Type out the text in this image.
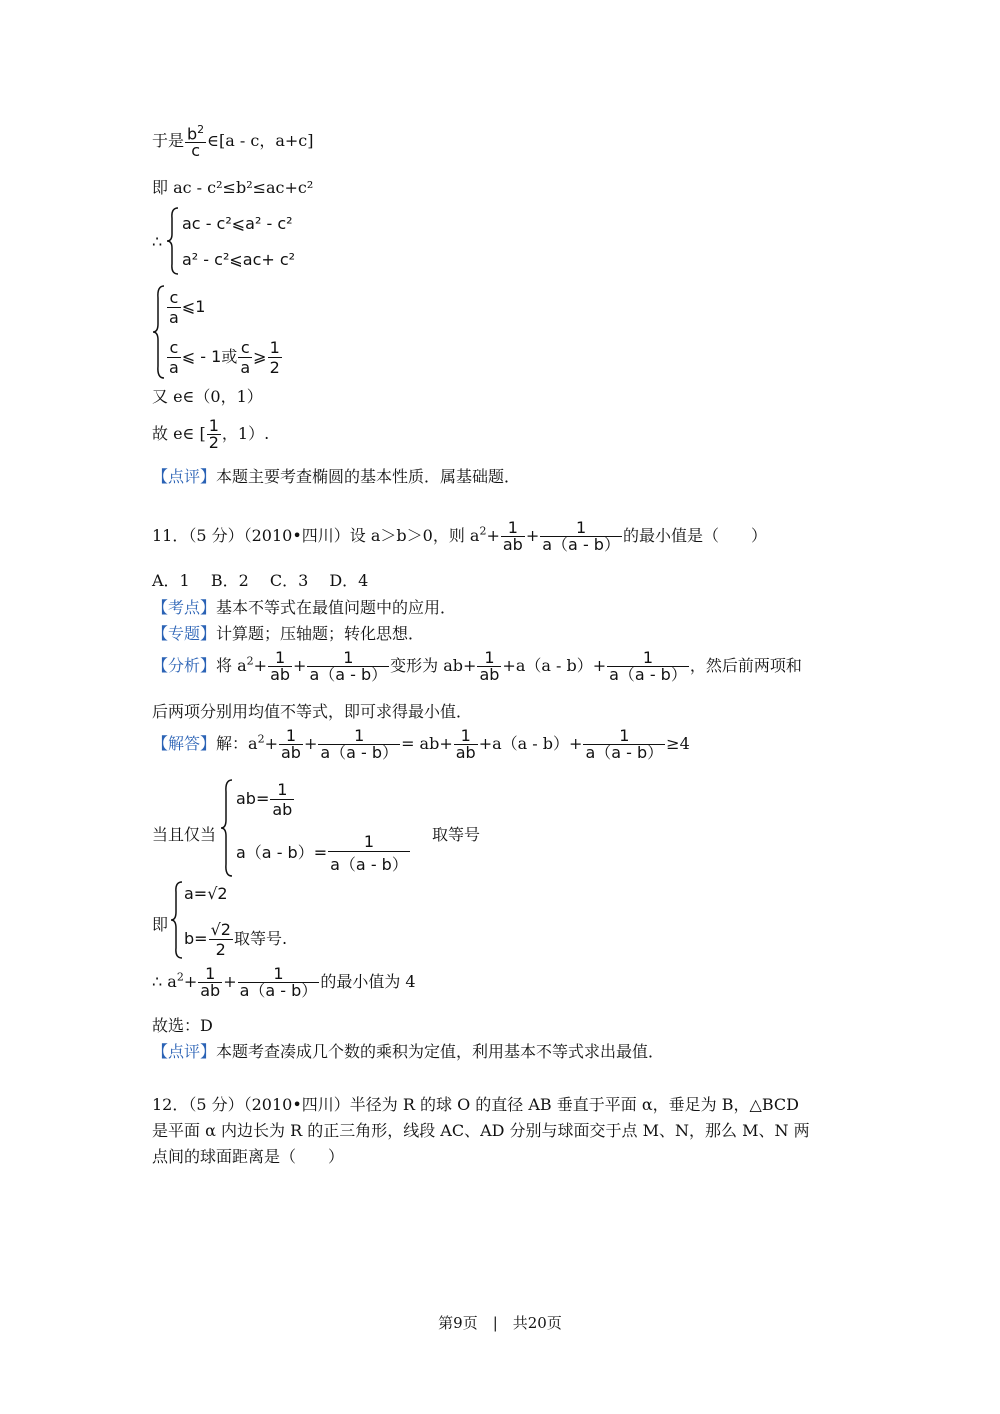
于是 $\frac{b^2}{c}$ ∈[a - c，a+c]
即 ac - c²≤b²≤ac+c²
∴
ac - c²⩽a² - c²
a² - c²⩽ac+ c²
$\frac{c}{a}$ ⩽1
$\frac{c}{a}$ ⩽ - 1或 $\frac{c}{a}$ ⩾ $\frac{1}{2}$
又 e∈（0，1）
故 e∈ [ $\frac{1}{2}$ ，1）.
【点评】本题主要考查椭圆的基本性质．属基础题．
11．（5 分）（2010•四川）设 a＞b＞0，则 $a^2+ \frac{1}{ab} + \frac{1}{a(a - b)}$ 的最小值是（　　）
A．1　 B．2　 C．3　 D．4
【考点】基本不等式在最值问题中的应用．
【专题】计算题；压轴题；转化思想．
【分析】将 $a^2+ \frac{1}{ab} + \frac{1}{a(a - b)}$ 变形为 $ab+ \frac{1}{ab} +a(a - b)+ \frac{1}{a(a - b)}$ ，然后前两项和
后两项分别用均值不等式，即可求得最小值．
【解答】解：$a^2+ \frac{1}{ab} + \frac{1}{a(a - b)} = ab+ \frac{1}{ab} +a(a - b)+ \frac{1}{a(a - b)} \ge 4$
当且仅当
$ab= \frac{1}{ab}$
$a(a - b)= \frac{1}{a(a - b)}$ 取等号
即
a=√2
$b= \frac{√2}{2}$ 取等号.
∴ $a^2+ \frac{1}{ab} + \frac{1}{a(a - b)}$ 的最小值为 4
故选：D
【点评】本题考查凑成几个数的乘积为定值，利用基本不等式求出最值．
12．（5 分）（2010•四川）半径为 R 的球 O 的直径 AB 垂直于平面 α，垂足为 B，△BCD
是平面 α 内边长为 R 的正三角形，线段 AC、AD 分别与球面交于点 M、N，那么 M、N 两
点间的球面距离是（　　）
第9页　|　共20页
